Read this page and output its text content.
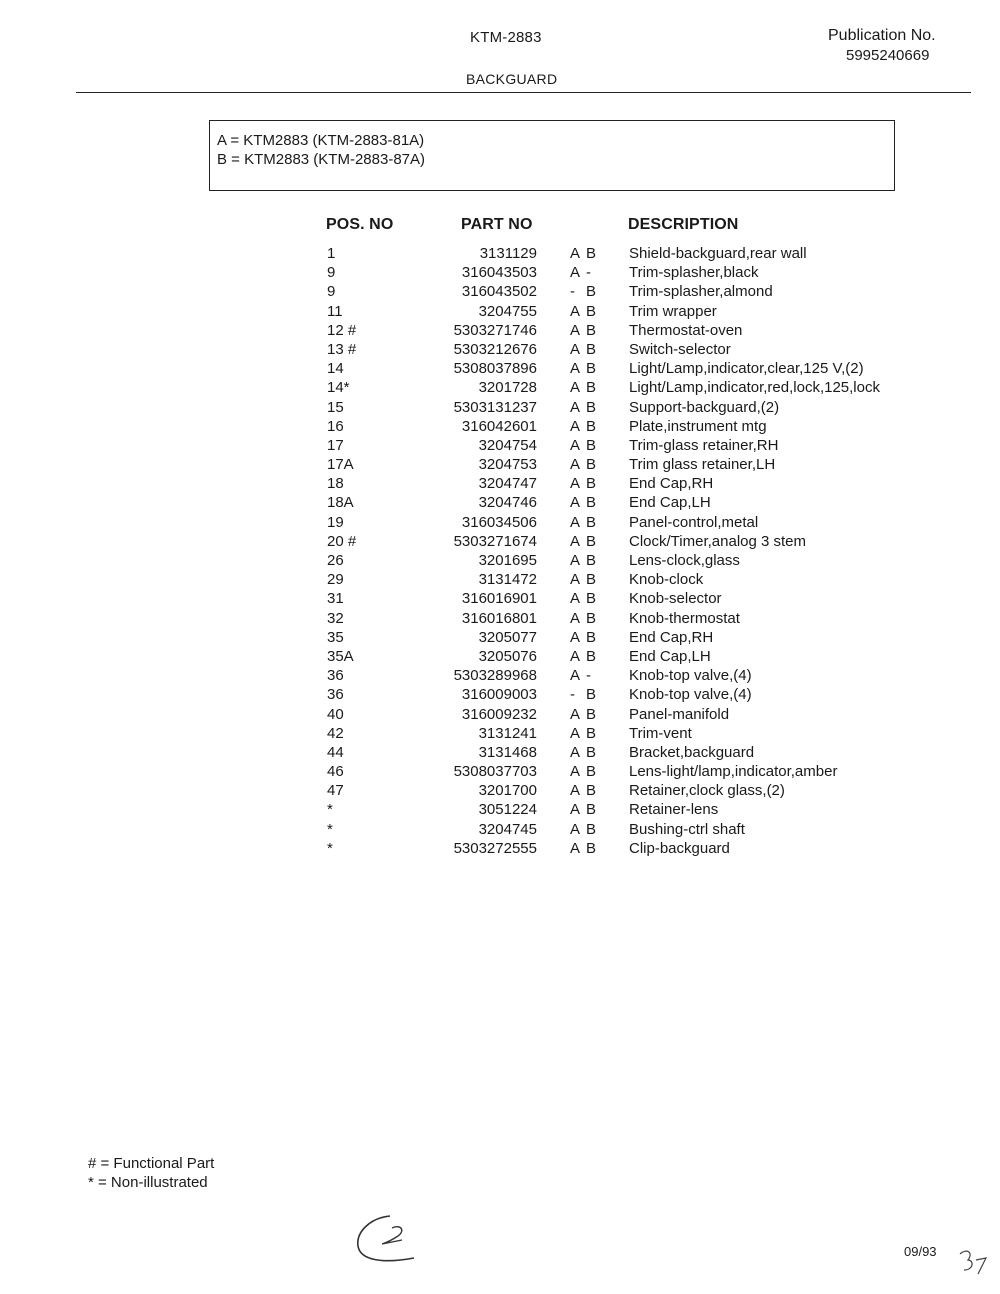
KTM-2883	Publication No.
5995240669
BACKGUARD
A = KTM2883 (KTM-2883-81A)
B = KTM2883 (KTM-2883-87A)
POS. NO	PART NO	DESCRIPTION
1	3131129 A B Shield-backguard,rear wall
9	316043503 A -	Trim-splasher,black
9	316043502 - B Trim-splasher,almond
11	3204755 A B Trim wrapper
12 #	5303271746 A B Thermostat-oven
13 #	5303212676 A B Switch-selector
14	5308037896 A B Light/Lamp,indicator,clear,125 V,(2)
14*	3201728 A B Light/Lamp,indicator,red,lock,125,lock
15	5303131237 A B Support-backguard,(2)
16	316042601 A B Plate,instrument mtg
17	3204754 A B Trim-glass retainer,RH
17A	3204753 A B Trim glass retainer,LH
18	3204747 A B End Cap,RH
18A	3204746 A B End Cap,LH
19	316034506 A B Panel-control,metal
20 #	5303271674 A B Clock/Timer,analog 3 stem
26	3201695 A B Lens-clock,glass
29	3131472 A B Knob-clock
31	316016901 A B Knob-selector
32	316016801 A B Knob-thermostat
35	3205077 A B End Cap,RH
35A	3205076 A B End Cap,LH
36	5303289968 A -	Knob-top valve,(4)
36	316009003 - B Knob-top valve,(4)
40	316009232 A B Panel-manifold
42	3131241 A B Trim-vent
44	3131468 A B Bracket,backguard
46	5308037703 A B Lens-light/lamp,indicator,amber
47	3201700 A B Retainer,clock glass,(2)
*	3051224 A B Retainer-lens
*	3204745 A B Bushing-ctrl shaft
*	5303272555 A B Clip-backguard
# = Functional Part
* = Non-illustrated
09/93
